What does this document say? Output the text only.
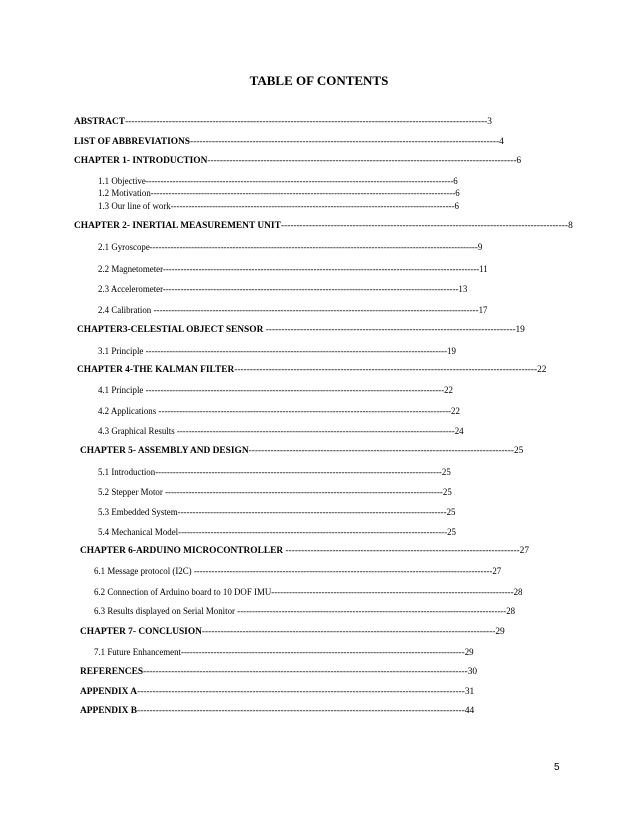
TABLE OF CONTENTS
ABSTRACT--------------------------------------------------------------------------------------------------------------------3
LIST OF ABBREVIATIONS---------------------------------------------------------------------------------------------------4
CHAPTER 1- INTRODUCTION---------------------------------------------------------------------------------------------------6
1.1 Objective--------------------------------------------------------------------------------------------------------6
1.2 Motivation-------------------------------------------------------------------------------------------------------6
1.3 Our line of work------------------------------------------------------------------------------------------------6
CHAPTER 2- INERTIAL MEASUREMENT UNIT--------------------------------------------------------------------------------------------8
2.1 Gyroscope---------------------------------------------------------------------------------------------------------------9
2.2 Magnetometer-----------------------------------------------------------------------------------------------------------11
2.3 Accelerometer----------------------------------------------------------------------------------------------------13
2.4 Calibration --------------------------------------------------------------------------------------------------------------17
CHAPTER3-CELESTIAL OBJECT SENSOR --------------------------------------------------------------------------------19
3.1 Principle ------------------------------------------------------------------------------------------------------19
CHAPTER 4-THE KALMAN FILTER-------------------------------------------------------------------------------------------------22
4.1 Principle -----------------------------------------------------------------------------------------------------22
4.2 Applications ---------------------------------------------------------------------------------------------------22
4.3 Graphical Results ----------------------------------------------------------------------------------------------24
CHAPTER 5- ASSEMBLY AND DESIGN-------------------------------------------------------------------------------------25
5.1 Introduction-------------------------------------------------------------------------------------------------25
5.2 Stepper Motor ----------------------------------------------------------------------------------------------25
5.3 Embedded System-------------------------------------------------------------------------------------------25
5.4 Mechanical Model-------------------------------------------------------------------------------------------25
CHAPTER 6-ARDUINO MICROCONTROLLER ---------------------------------------------------------------------------27
6.1 Message protocol (I2C) -----------------------------------------------------------------------------------------------------27
6.2 Connection of Arduino board to 10 DOF IMU----------------------------------------------------------------------------------28
6.3 Results displayed on Serial Monitor -------------------------------------------------------------------------------------------28
CHAPTER 7- CONCLUSION----------------------------------------------------------------------------------------------29
7.1 Future Enhancement------------------------------------------------------------------------------------------------29
REFERENCES--------------------------------------------------------------------------------------------------------30
APPENDIX A---------------------------------------------------------------------------------------------------------31
APPENDIX B---------------------------------------------------------------------------------------------------------44
5
